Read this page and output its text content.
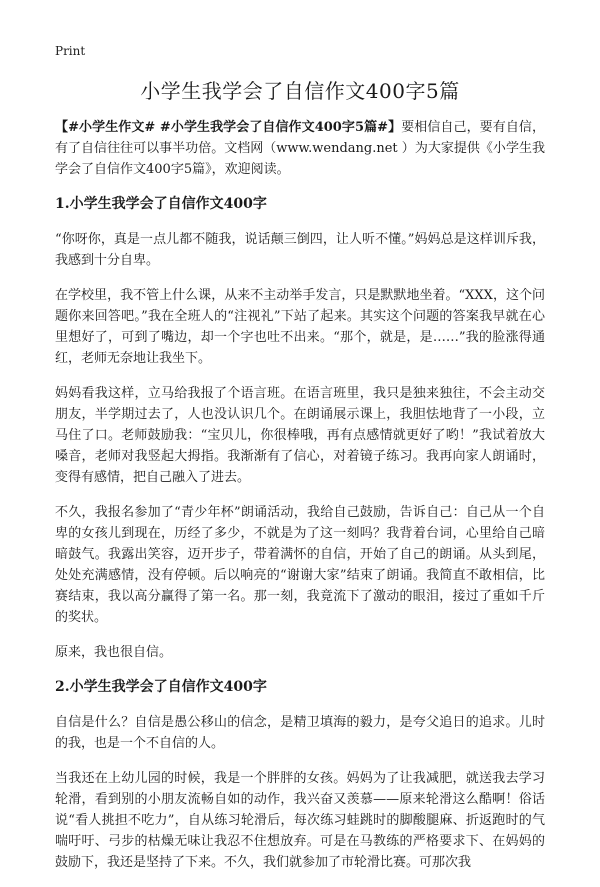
Print
小学生我学会了自信作文400字5篇

【#小学生作文# #小学生我学会了自信作文400字5篇#】要相信自己，要有自信，有了自信往往可以事半功倍。文档网（www.wendang.net ）为大家提供《小学生我学会了自信作文400字5篇》，欢迎阅读。

1.小学生我学会了自信作文400字

“你呀你，真是一点儿都不随我，说话颠三倒四，让人听不懂。”妈妈总是这样训斥我，我感到十分自卑。

在学校里，我不管上什么课，从来不主动举手发言，只是默默地坐着。“XXX，这个问题你来回答吧。”我在全班人的“注视礼”下站了起来。其实这个问题的答案我早就在心里想好了，可到了嘴边，却一个字也吐不出来。“那个，就是，是……”我的脸涨得通红，老师无奈地让我坐下。

妈妈看我这样，立马给我报了个语言班。在语言班里，我只是独来独往，不会主动交朋友，半学期过去了，人也没认识几个。在朗诵展示课上，我胆怯地背了一小段，立马住了口。老师鼓励我：“宝贝儿，你很棒哦，再有点感情就更好了哟！”我试着放大嗓音，老师对我竖起大拇指。我渐渐有了信心，对着镜子练习。我再向家人朗诵时，变得有感情，把自己融入了进去。

不久，我报名参加了“青少年杯”朗诵活动，我给自己鼓励，告诉自己：自己从一个自卑的女孩儿到现在，历经了多少，不就是为了这一刻吗？我背着台词，心里给自己暗暗鼓气。我露出笑容，迈开步子，带着满怀的自信，开始了自己的朗诵。从头到尾，处处充满感情，没有停顿。后以响亮的“谢谢大家”结束了朗诵。我简直不敢相信，比赛结束，我以高分赢得了第一名。那一刻，我竟流下了激动的眼泪，接过了重如千斤的奖状。

原来，我也很自信。

2.小学生我学会了自信作文400字

自信是什么？自信是愚公移山的信念，是精卫填海的毅力，是夸父追日的追求。儿时的我，也是一个不自信的人。

当我还在上幼儿园的时候，我是一个胖胖的女孩。妈妈为了让我减肥，就送我去学习轮滑，看到别的小朋友流畅自如的动作，我兴奋又羡慕——原来轮滑这么酷啊！俗话说“看人挑担不吃力”，自从练习轮滑后，每次练习蛙跳时的脚酸腿麻、折返跑时的气喘吁吁、弓步的枯燥无味让我忍不住想放弃。可是在马教练的严格要求下、在妈妈的鼓励下，我还是坚持了下来。不久，我们就参加了市轮滑比赛。可那次我
